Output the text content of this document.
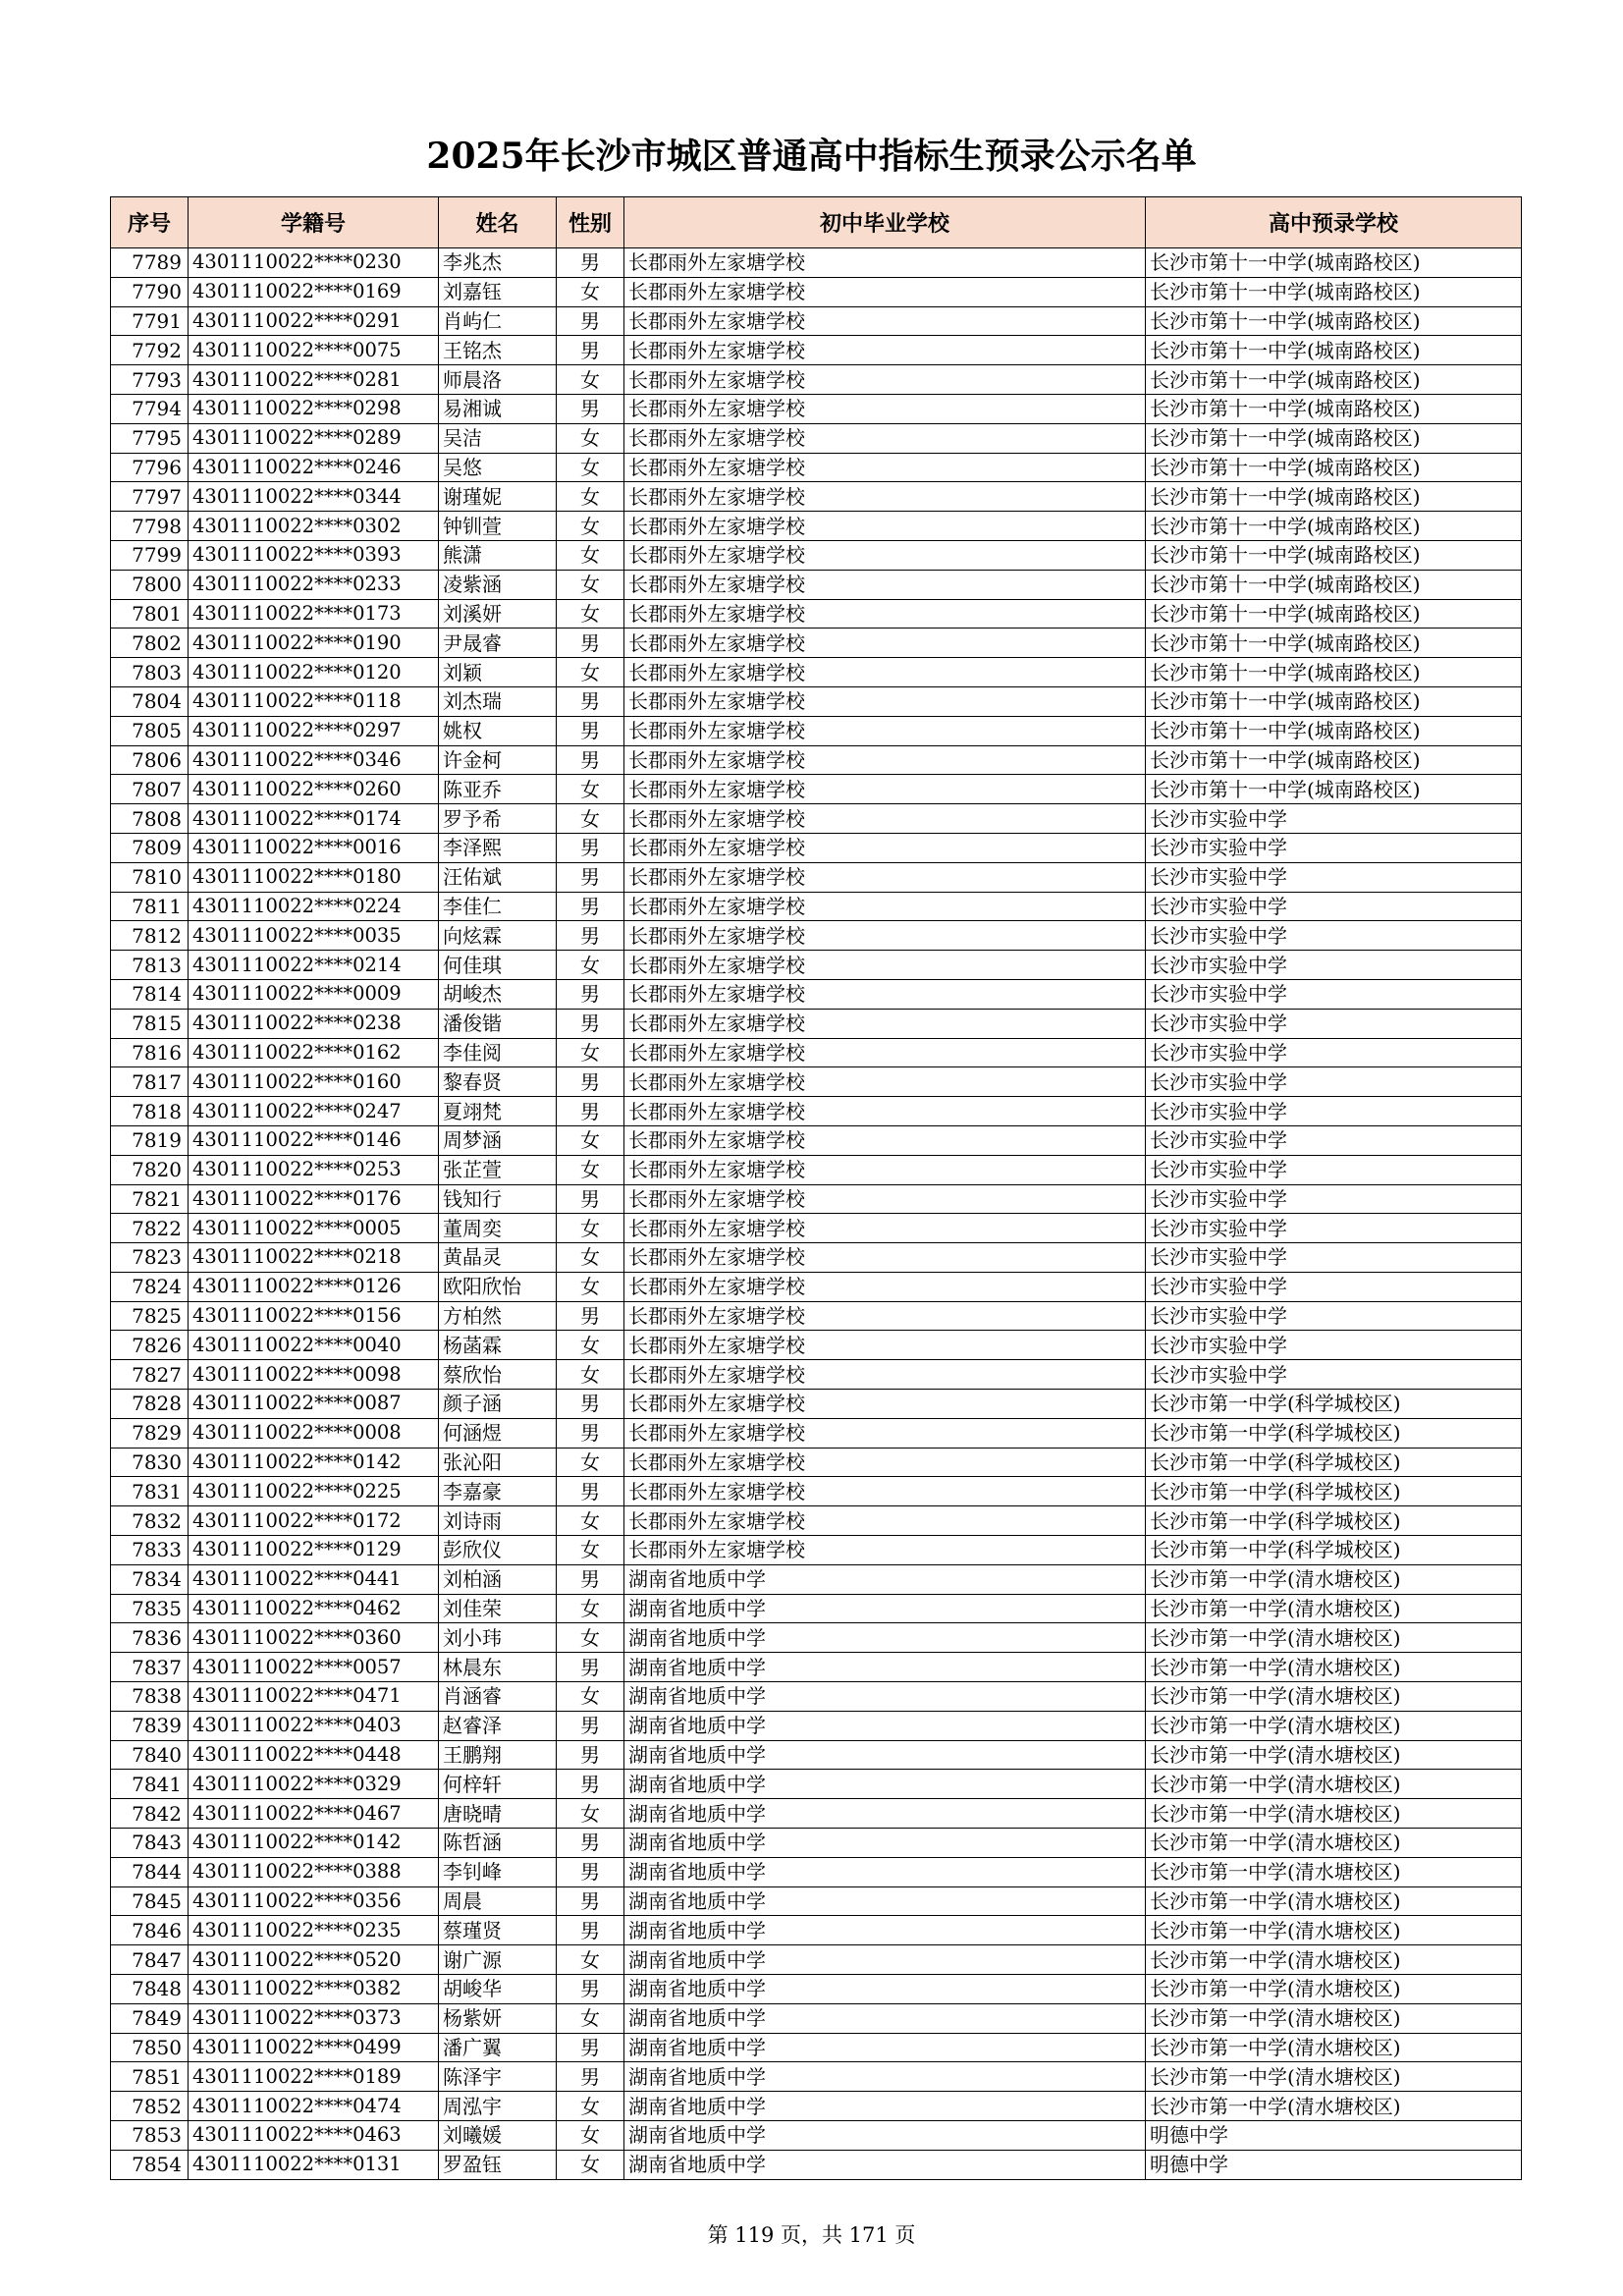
2025年长沙市城区普通高中指标生预录公示名单
序号	学籍号	姓名	性别	初中毕业学校	高中预录学校
7789	4301110022****0230	李兆杰	男	长郡雨外左家塘学校	长沙市第十一中学(城南路校区)
7790	4301110022****0169	刘嘉钰	女	长郡雨外左家塘学校	长沙市第十一中学(城南路校区)
7791	4301110022****0291	肖屿仁	男	长郡雨外左家塘学校	长沙市第十一中学(城南路校区)
7792	4301110022****0075	王铭杰	男	长郡雨外左家塘学校	长沙市第十一中学(城南路校区)
7793	4301110022****0281	师晨洛	女	长郡雨外左家塘学校	长沙市第十一中学(城南路校区)
7794	4301110022****0298	易湘诚	男	长郡雨外左家塘学校	长沙市第十一中学(城南路校区)
7795	4301110022****0289	吴洁	女	长郡雨外左家塘学校	长沙市第十一中学(城南路校区)
7796	4301110022****0246	吴悠	女	长郡雨外左家塘学校	长沙市第十一中学(城南路校区)
7797	4301110022****0344	谢瑾妮	女	长郡雨外左家塘学校	长沙市第十一中学(城南路校区)
7798	4301110022****0302	钟钏萱	女	长郡雨外左家塘学校	长沙市第十一中学(城南路校区)
7799	4301110022****0393	熊潇	女	长郡雨外左家塘学校	长沙市第十一中学(城南路校区)
7800	4301110022****0233	凌紫涵	女	长郡雨外左家塘学校	长沙市第十一中学(城南路校区)
7801	4301110022****0173	刘溪妍	女	长郡雨外左家塘学校	长沙市第十一中学(城南路校区)
7802	4301110022****0190	尹晟睿	男	长郡雨外左家塘学校	长沙市第十一中学(城南路校区)
7803	4301110022****0120	刘颖	女	长郡雨外左家塘学校	长沙市第十一中学(城南路校区)
7804	4301110022****0118	刘杰瑞	男	长郡雨外左家塘学校	长沙市第十一中学(城南路校区)
7805	4301110022****0297	姚权	男	长郡雨外左家塘学校	长沙市第十一中学(城南路校区)
7806	4301110022****0346	许金柯	男	长郡雨外左家塘学校	长沙市第十一中学(城南路校区)
7807	4301110022****0260	陈亚乔	女	长郡雨外左家塘学校	长沙市第十一中学(城南路校区)
7808	4301110022****0174	罗予希	女	长郡雨外左家塘学校	长沙市实验中学
7809	4301110022****0016	李泽熙	男	长郡雨外左家塘学校	长沙市实验中学
7810	4301110022****0180	汪佑斌	男	长郡雨外左家塘学校	长沙市实验中学
7811	4301110022****0224	李佳仁	男	长郡雨外左家塘学校	长沙市实验中学
7812	4301110022****0035	向炫霖	男	长郡雨外左家塘学校	长沙市实验中学
7813	4301110022****0214	何佳琪	女	长郡雨外左家塘学校	长沙市实验中学
7814	4301110022****0009	胡峻杰	男	长郡雨外左家塘学校	长沙市实验中学
7815	4301110022****0238	潘俊锴	男	长郡雨外左家塘学校	长沙市实验中学
7816	4301110022****0162	李佳阅	女	长郡雨外左家塘学校	长沙市实验中学
7817	4301110022****0160	黎春贤	男	长郡雨外左家塘学校	长沙市实验中学
7818	4301110022****0247	夏翊梵	男	长郡雨外左家塘学校	长沙市实验中学
7819	4301110022****0146	周梦涵	女	长郡雨外左家塘学校	长沙市实验中学
7820	4301110022****0253	张芷萱	女	长郡雨外左家塘学校	长沙市实验中学
7821	4301110022****0176	钱知行	男	长郡雨外左家塘学校	长沙市实验中学
7822	4301110022****0005	董周奕	女	长郡雨外左家塘学校	长沙市实验中学
7823	4301110022****0218	黄晶灵	女	长郡雨外左家塘学校	长沙市实验中学
7824	4301110022****0126	欧阳欣怡	女	长郡雨外左家塘学校	长沙市实验中学
7825	4301110022****0156	方柏然	男	长郡雨外左家塘学校	长沙市实验中学
7826	4301110022****0040	杨菡霖	女	长郡雨外左家塘学校	长沙市实验中学
7827	4301110022****0098	蔡欣怡	女	长郡雨外左家塘学校	长沙市实验中学
7828	4301110022****0087	颜子涵	男	长郡雨外左家塘学校	长沙市第一中学(科学城校区)
7829	4301110022****0008	何涵煜	男	长郡雨外左家塘学校	长沙市第一中学(科学城校区)
7830	4301110022****0142	张沁阳	女	长郡雨外左家塘学校	长沙市第一中学(科学城校区)
7831	4301110022****0225	李嘉豪	男	长郡雨外左家塘学校	长沙市第一中学(科学城校区)
7832	4301110022****0172	刘诗雨	女	长郡雨外左家塘学校	长沙市第一中学(科学城校区)
7833	4301110022****0129	彭欣仪	女	长郡雨外左家塘学校	长沙市第一中学(科学城校区)
7834	4301110022****0441	刘柏涵	男	湖南省地质中学	长沙市第一中学(清水塘校区)
7835	4301110022****0462	刘佳荣	女	湖南省地质中学	长沙市第一中学(清水塘校区)
7836	4301110022****0360	刘小玮	女	湖南省地质中学	长沙市第一中学(清水塘校区)
7837	4301110022****0057	林晨东	男	湖南省地质中学	长沙市第一中学(清水塘校区)
7838	4301110022****0471	肖涵睿	女	湖南省地质中学	长沙市第一中学(清水塘校区)
7839	4301110022****0403	赵睿泽	男	湖南省地质中学	长沙市第一中学(清水塘校区)
7840	4301110022****0448	王鹏翔	男	湖南省地质中学	长沙市第一中学(清水塘校区)
7841	4301110022****0329	何梓轩	男	湖南省地质中学	长沙市第一中学(清水塘校区)
7842	4301110022****0467	唐晓晴	女	湖南省地质中学	长沙市第一中学(清水塘校区)
7843	4301110022****0142	陈哲涵	男	湖南省地质中学	长沙市第一中学(清水塘校区)
7844	4301110022****0388	李钊峰	男	湖南省地质中学	长沙市第一中学(清水塘校区)
7845	4301110022****0356	周晨	男	湖南省地质中学	长沙市第一中学(清水塘校区)
7846	4301110022****0235	蔡瑾贤	男	湖南省地质中学	长沙市第一中学(清水塘校区)
7847	4301110022****0520	谢广源	女	湖南省地质中学	长沙市第一中学(清水塘校区)
7848	4301110022****0382	胡峻华	男	湖南省地质中学	长沙市第一中学(清水塘校区)
7849	4301110022****0373	杨紫妍	女	湖南省地质中学	长沙市第一中学(清水塘校区)
7850	4301110022****0499	潘广翼	男	湖南省地质中学	长沙市第一中学(清水塘校区)
7851	4301110022****0189	陈泽宇	男	湖南省地质中学	长沙市第一中学(清水塘校区)
7852	4301110022****0474	周泓宇	女	湖南省地质中学	长沙市第一中学(清水塘校区)
7853	4301110022****0463	刘曦媛	女	湖南省地质中学	明德中学
7854	4301110022****0131	罗盈钰	女	湖南省地质中学	明德中学
第 119 页，共 171 页
